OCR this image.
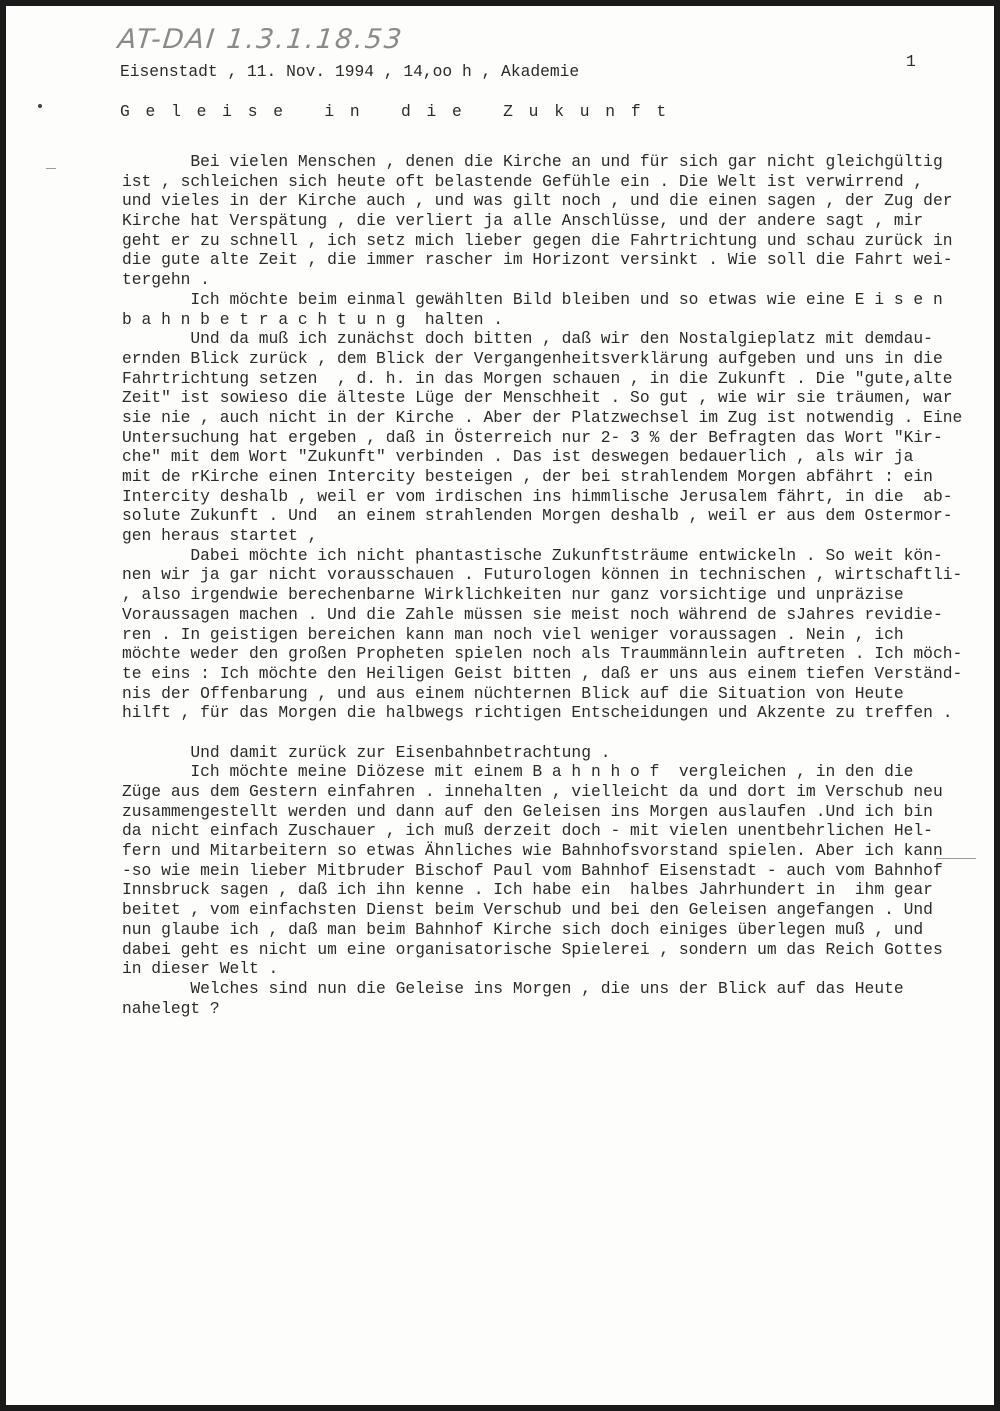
AT-DAI 1.3.1.18.53
1
Eisenstadt , 11. Nov. 1994 , 14,oo h , Akademie
G e l e i s e   i n   d i e   Z u k u n f t
Bei vielen Menschen , denen die Kirche an und für sich gar nicht gleichgültig
ist , schleichen sich heute oft belastende Gefühle ein . Die Welt ist verwirrend ,
und vieles in der Kirche auch , und was gilt noch , und die einen sagen , der Zug der
Kirche hat Verspätung , die verliert ja alle Anschlüsse, und der andere sagt , mir
geht er zu schnell , ich setz mich lieber gegen die Fahrtrichtung und schau zurück in
die gute alte Zeit , die immer rascher im Horizont versinkt . Wie soll die Fahrt wei-
tergehn .
Ich möchte beim einmal gewählten Bild bleiben und so etwas wie eine E i s e n
b a h n b e t r a c h t u n g  halten .
Und da muß ich zunächst doch bitten , daß wir den Nostalgieplatz mit demdau-
ernden Blick zurück , dem Blick der Vergangenheitsverklärung aufgeben und uns in die
Fahrtrichtung setzen  , d. h. in das Morgen schauen , in die Zukunft . Die "gute,alte
Zeit" ist sowieso die älteste Lüge der Menschheit . So gut , wie wir sie träumen, war
sie nie , auch nicht in der Kirche . Aber der Platzwechsel im Zug ist notwendig . Eine
Untersuchung hat ergeben , daß in Österreich nur 2- 3 % der Befragten das Wort "Kir-
che" mit dem Wort "Zukunft" verbinden . Das ist deswegen bedauerlich , als wir ja
mit de rKirche einen Intercity besteigen , der bei strahlendem Morgen abfährt : ein
Intercity deshalb , weil er vom irdischen ins himmlische Jerusalem fährt, in die  ab-
solute Zukunft . Und  an einem strahlenden Morgen deshalb , weil er aus dem Ostermor-
gen heraus startet ,
Dabei möchte ich nicht phantastische Zukunftsträume entwickeln . So weit kön-
nen wir ja gar nicht vorausschauen . Futurologen können in technischen , wirtschaftli-
, also irgendwie berechenbarne Wirklichkeiten nur ganz vorsichtige und unpräzise
Voraussagen machen . Und die Zahle müssen sie meist noch während de sJahres revidie-
ren . In geistigen bereichen kann man noch viel weniger voraussagen . Nein , ich
möchte weder den großen Propheten spielen noch als Traummännlein auftreten . Ich möch-
te eins : Ich möchte den Heiligen Geist bitten , daß er uns aus einem tiefen Verständ-
nis der Offenbarung , und aus einem nüchternen Blick auf die Situation von Heute
hilft , für das Morgen die halbwegs richtigen Entscheidungen und Akzente zu treffen .
Und damit zurück zur Eisenbahnbetrachtung .
Ich möchte meine Diözese mit einem B a h n h o f  vergleichen , in den die
Züge aus dem Gestern einfahren . innehalten , vielleicht da und dort im Verschub neu
zusammengestellt werden und dann auf den Geleisen ins Morgen auslaufen .Und ich bin
da nicht einfach Zuschauer , ich muß derzeit doch - mit vielen unentbehrlichen Hel-
fern und Mitarbeitern so etwas Ähnliches wie Bahnhofsvorstand spielen. Aber ich kann
-so wie mein lieber Mitbruder Bischof Paul vom Bahnhof Eisenstadt - auch vom Bahnhof
Innsbruck sagen , daß ich ihn kenne . Ich habe ein  halbes Jahrhundert in  ihm gear
beitet , vom einfachsten Dienst beim Verschub und bei den Geleisen angefangen . Und
nun glaube ich , daß man beim Bahnhof Kirche sich doch einiges überlegen muß , und
dabei geht es nicht um eine organisatorische Spielerei , sondern um das Reich Gottes
in dieser Welt .
Welches sind nun die Geleise ins Morgen , die uns der Blick auf das Heute
nahelegt ?
